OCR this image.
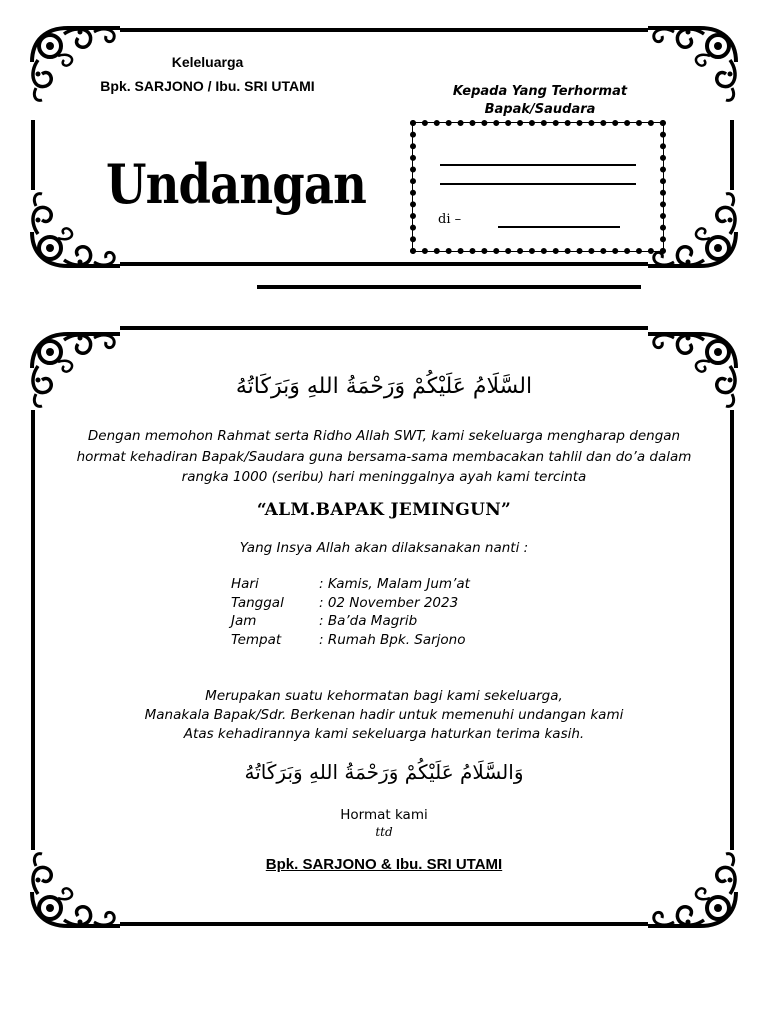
Keleluarga
Bpk. SARJONO / Ibu. SRI UTAMI
Undangan
Kepada Yang Terhormat
Bapak/Saudara
di –
السَّلَامُ عَلَيْكُمْ وَرَحْمَةُ اللهِ وَبَرَكَاتُهُ
Dengan memohon Rahmat serta Ridho Allah SWT, kami sekeluarga mengharap dengan
hormat kehadiran Bapak/Saudara guna bersama-sama membacakan tahlil dan do’a dalam
rangka 1000 (seribu) hari meninggalnya ayah kami tercinta
“ALM.BAPAK JEMINGUN”
Yang Insya Allah akan dilaksanakan nanti :
Hari	: Kamis, Malam Jum’at
Tanggal	: 02 November 2023
Jam	: Ba’da Magrib
Tempat	: Rumah Bpk. Sarjono
Merupakan suatu kehormatan bagi kami sekeluarga,
Manakala Bapak/Sdr. Berkenan hadir untuk memenuhi undangan kami
Atas kehadirannya kami sekeluarga haturkan terima kasih.
وَالسَّلَامُ عَلَيْكُمْ وَرَحْمَةُ اللهِ وَبَرَكَاتُهُ
Hormat kami
ttd
Bpk. SARJONO & Ibu. SRI UTAMI
